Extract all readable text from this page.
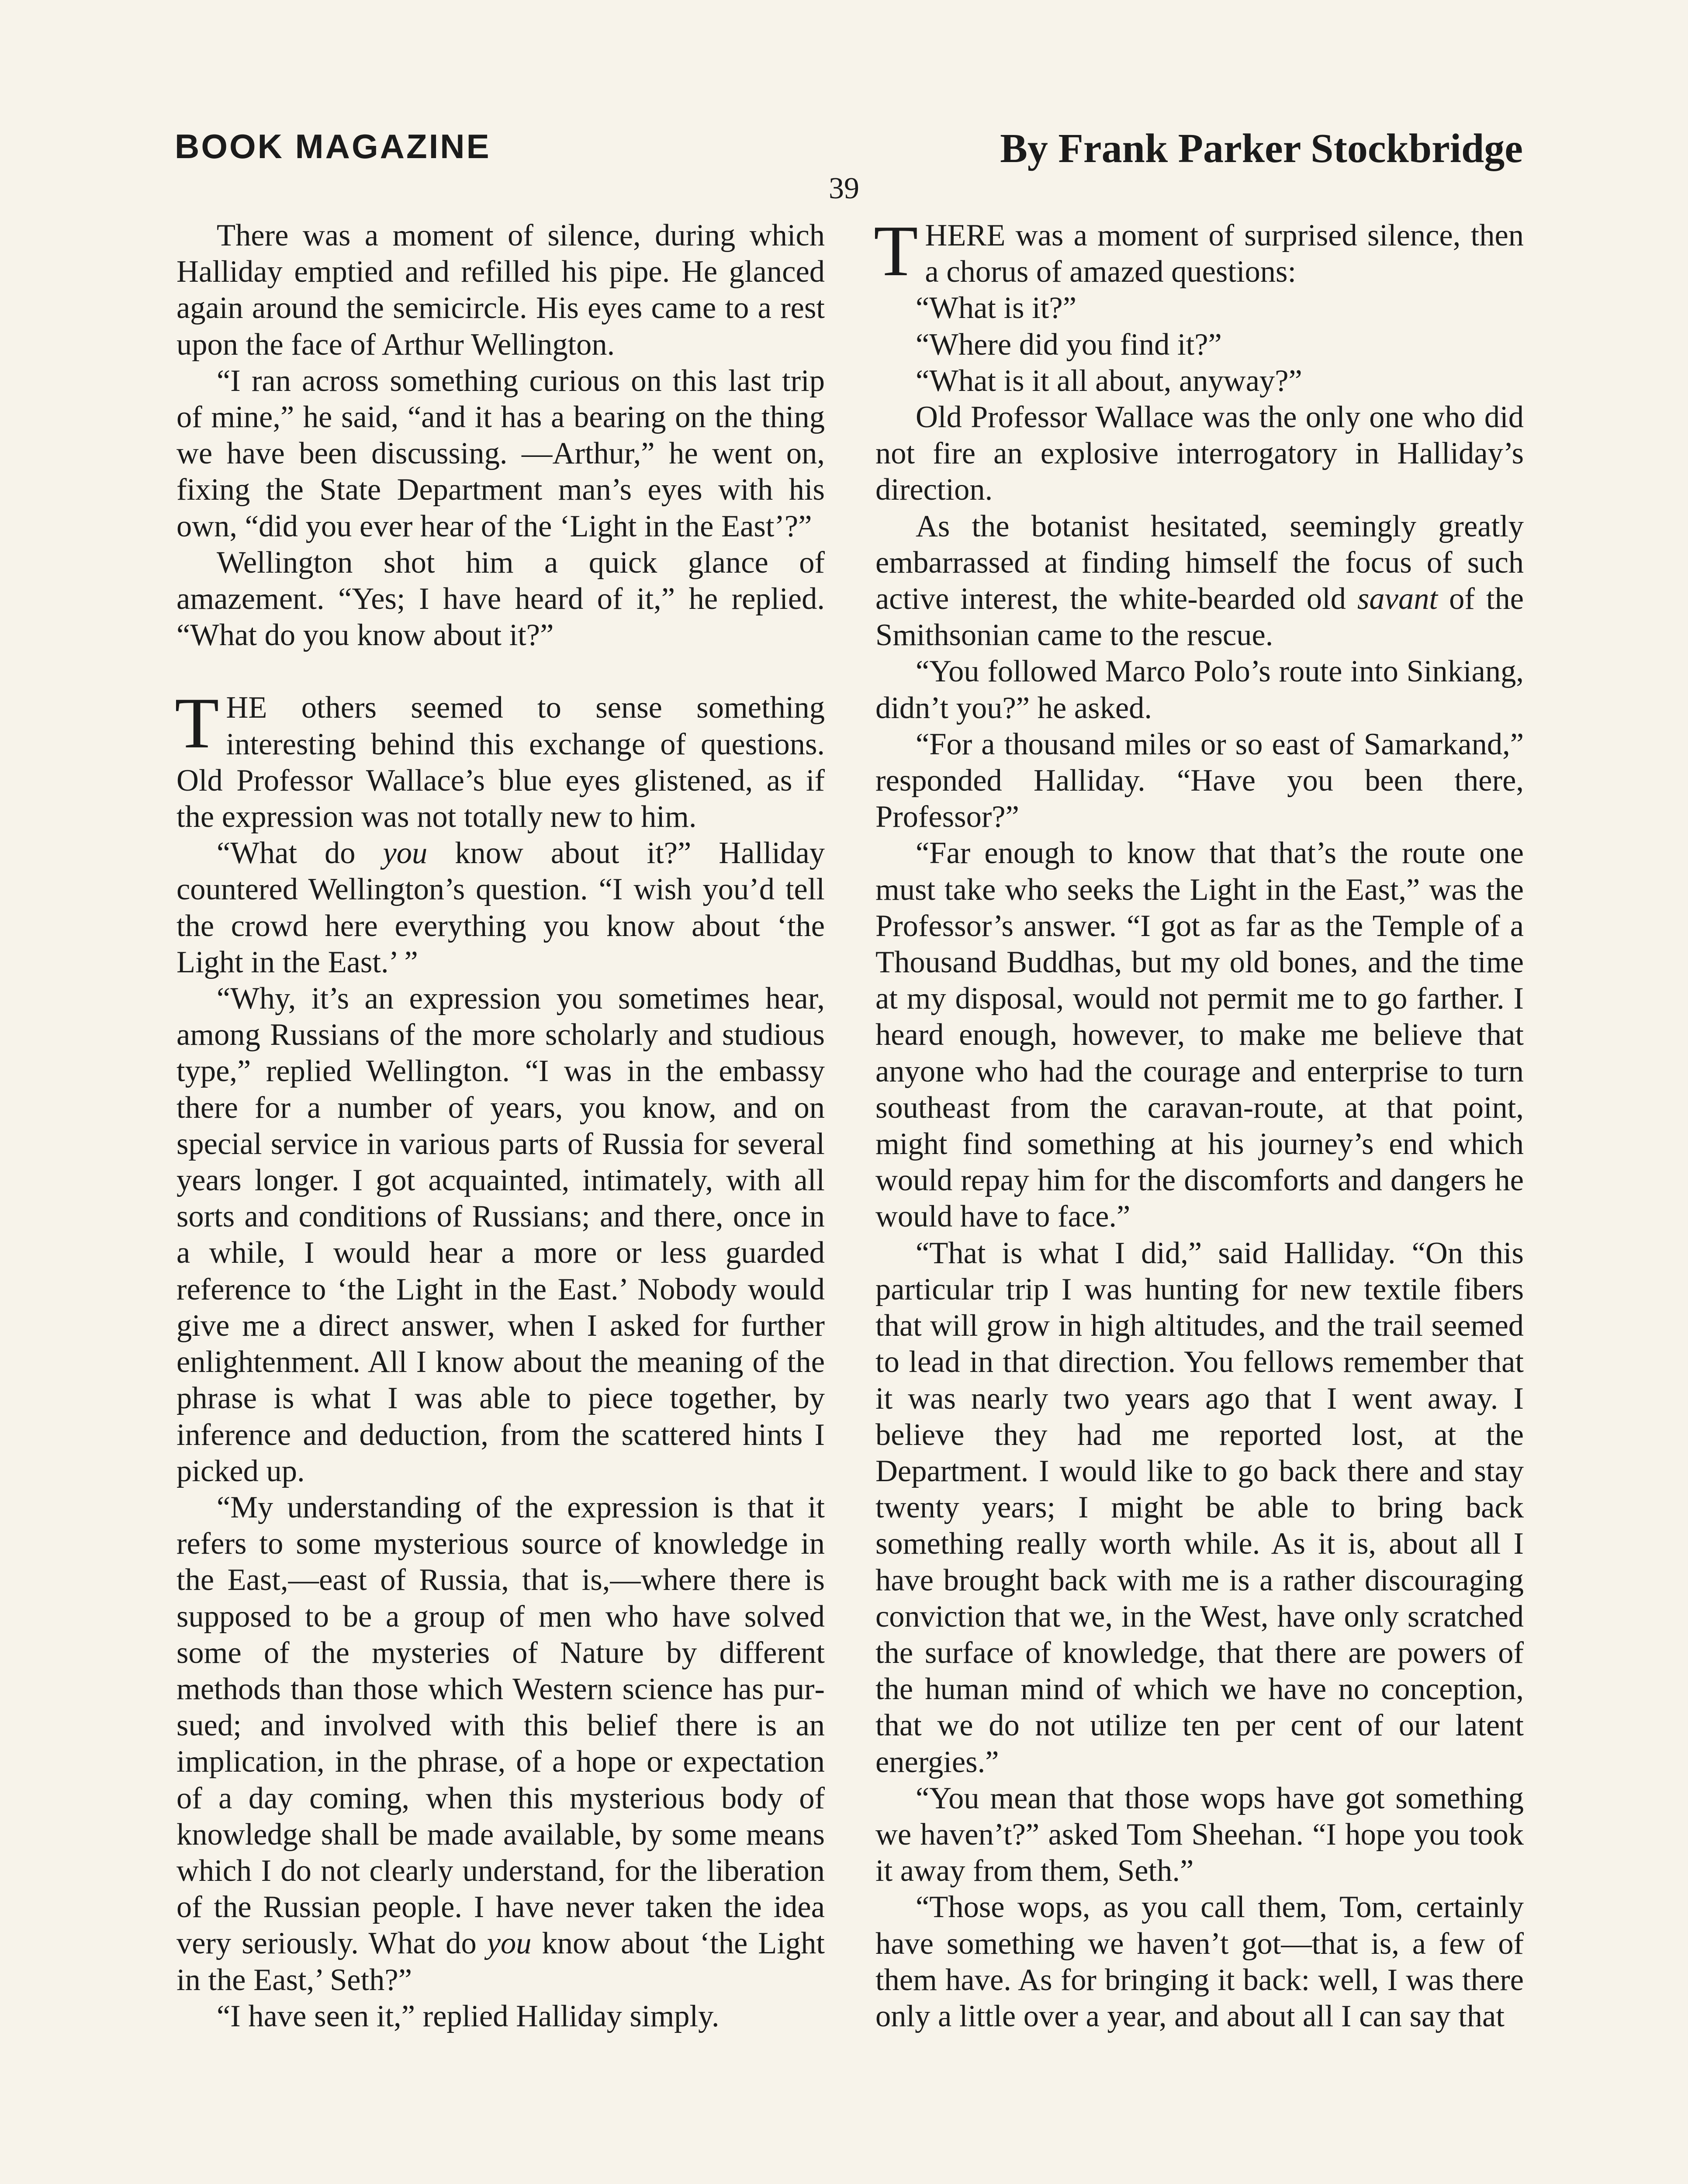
BOOK MAGAZINE	By Frank Parker Stockbridge
39

There was a moment of silence, during which Halliday emptied and refilled his pipe. He glanced again around the semicircle. His eyes came to a rest upon the face of Arthur Wellington.

“I ran across something curious on this last trip of mine,” he said, “and it has a bearing on the thing we have been discussing. —Arthur,” he went on, fixing the State Department man’s eyes with his own, “did you ever hear of the ‘Light in the East’?”

Wellington shot him a quick glance of amazement. “Yes; I have heard of it,” he replied. “What do you know about it?”

THE others seemed to sense something interesting behind this exchange of questions. Old Professor Wallace’s blue eyes glistened, as if the expression was not totally new to him.

“What do you know about it?” Halliday countered Wellington’s question. “I wish you’d tell the crowd here everything you know about ‘the Light in the East.’ ”

“Why, it’s an expression you sometimes hear, among Russians of the more scholarly and studious type,” replied Wellington. “I was in the embassy there for a number of years, you know, and on special service in various parts of Russia for several years longer. I got acquainted, intimately, with all sorts and conditions of Russians; and there, once in a while, I would hear a more or less guarded reference to ‘the Light in the East.’ Nobody would give me a direct answer, when I asked for further enlightenment. All I know about the meaning of the phrase is what I was able to piece together, by inference and deduction, from the scattered hints I picked up.

“My understanding of the expression is that it refers to some mysterious source of knowledge in the East,—east of Russia, that is,—where there is supposed to be a group of men who have solved some of the mysteries of Nature by different methods than those which Western science has pursued; and involved with this belief there is an implication, in the phrase, of a hope or expectation of a day coming, when this mysterious body of knowledge shall be made available, by some means which I do not clearly understand, for the liberation of the Russian people. I have never taken the idea very seriously. What do you know about ‘the Light in the East,’ Seth?”

“I have seen it,” replied Halliday simply.

THERE was a moment of surprised silence, then a chorus of amazed questions:

“What is it?”

“Where did you find it?”

“What is it all about, anyway?”

Old Professor Wallace was the only one who did not fire an explosive interrogatory in Halliday’s direction.

As the botanist hesitated, seemingly greatly embarrassed at finding himself the focus of such active interest, the white-bearded old savant of the Smithsonian came to the rescue.

“You followed Marco Polo’s route into Sinkiang, didn’t you?” he asked.

“For a thousand miles or so east of Samarkand,” responded Halliday. “Have you been there, Professor?”

“Far enough to know that that’s the route one must take who seeks the Light in the East,” was the Professor’s answer. “I got as far as the Temple of a Thousand Buddhas, but my old bones, and the time at my disposal, would not permit me to go farther. I heard enough, however, to make me believe that anyone who had the courage and enterprise to turn southeast from the caravan-route, at that point, might find something at his journey’s end which would repay him for the discomforts and dangers he would have to face.”

“That is what I did,” said Halliday. “On this particular trip I was hunting for new textile fibers that will grow in high altitudes, and the trail seemed to lead in that direction. You fellows remember that it was nearly two years ago that I went away. I believe they had me reported lost, at the Department. I would like to go back there and stay twenty years; I might be able to bring back something really worth while. As it is, about all I have brought back with me is a rather discouraging conviction that we, in the West, have only scratched the surface of knowledge, that there are powers of the human mind of which we have no conception, that we do not utilize ten per cent of our latent energies.”

“You mean that those wops have got something we haven’t?” asked Tom Sheehan. “I hope you took it away from them, Seth.”

“Those wops, as you call them, Tom, certainly have something we haven’t got—that is, a few of them have. As for bringing it back: well, I was there only a little over a year, and about all I can say that
